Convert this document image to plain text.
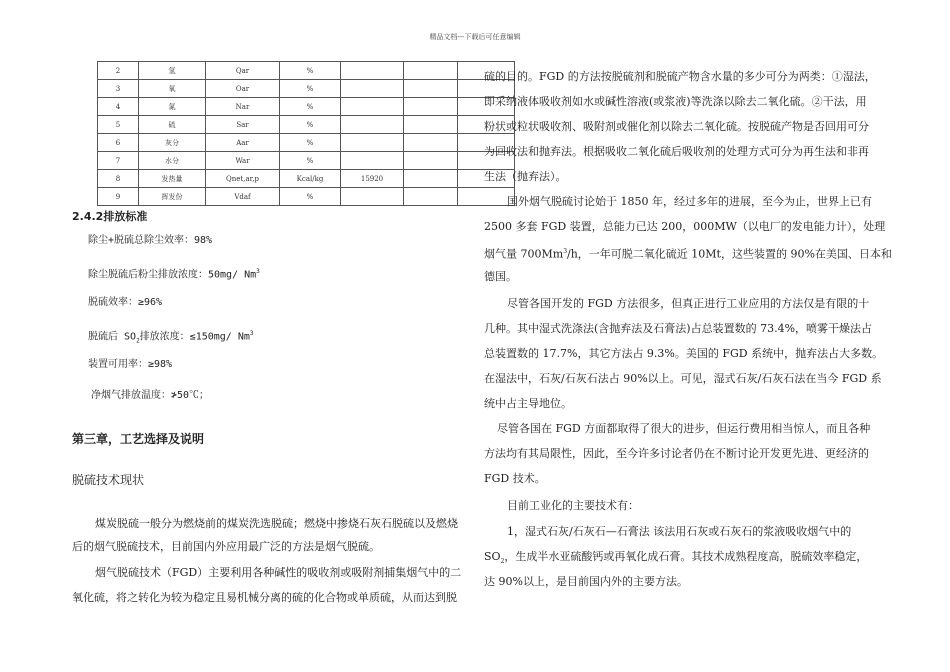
精品文档---下载后可任意编辑
2	氢	Qar	%			
3	氧	Oar	%			
4	氮	Nar	%			
5	硫	Sar	%			
6	灰分	Aar	%			
7	水分	War	%			
8	发热量	Qnet,ar,p	Kcal/kg	15920		
9	挥发份	Vdaf	%			
2.4.2排放标准
除尘+脱硫总除尘效率：98%
除尘脱硫后粉尘排放浓度：50mg/ Nm$^3$
脱硫效率：≥96%
脱硫后 $SO_2$排放浓度：≤150mg/ Nm$^3$
装置可用率：≥98%
净烟气排放温度：≯50℃；
第三章，工艺选择及说明
脱硫技术现状
煤炭脱硫一般分为燃烧前的煤炭洗选脱硫；燃烧中掺烧石灰石脱硫以及燃烧
后的烟气脱硫技术，目前国内外应用最广泛的方法是烟气脱硫。
烟气脱硫技术（FGD）主要利用各种碱性的吸收剂或吸附剂捕集烟气中的二
氧化硫，将之转化为较为稳定且易机械分离的硫的化合物或单质硫，从而达到脱
硫的目的。FGD 的方法按脱硫剂和脱硫产物含水量的多少可分为两类：①湿法，
即采纳液体吸收剂如水或碱性溶液(或浆液)等洗涤以除去二氧化硫。②干法，用
粉状或粒状吸收剂、吸附剂或催化剂以除去二氧化硫。按脱硫产物是否回用可分
为回收法和抛弃法。根据吸收二氧化硫后吸收剂的处理方式可分为再生法和非再
生法（抛弃法）。
国外烟气脱硫讨论始于 1850 年，经过多年的进展，至今为止，世界上已有
2500 多套 FGD 装置，总能力已达 200，000MW（以电厂的发电能力计），处理
烟气量 700Mm$^3$/h，一年可脱二氧化硫近 10Mt，这些装置的 90%在美国、日本和
德国。
尽管各国开发的 FGD 方法很多，但真正进行工业应用的方法仅是有限的十
几种。其中湿式洗涤法(含抛弃法及石膏法)占总装置数的 73.4%，喷雾干燥法占
总装置数的 17.7%，其它方法占 9.3%。美国的 FGD 系统中，抛弃法占大多数。
在湿法中，石灰/石灰石法占 90%以上。可见，湿式石灰/石灰石法在当今 FGD 系
统中占主导地位。
尽管各国在 FGD 方面都取得了很大的进步，但运行费用相当惊人，而且各种
方法均有其局限性，因此，至今许多讨论者仍在不断讨论开发更先进、更经济的
FGD 技术。
目前工业化的主要技术有：
1，湿式石灰/石灰石—石膏法 该法用石灰或石灰石的浆液吸收烟气中的
$SO_2$，生成半水亚硫酸钙或再氧化成石膏。其技术成熟程度高，脱硫效率稳定，
达 90%以上，是目前国内外的主要方法。
